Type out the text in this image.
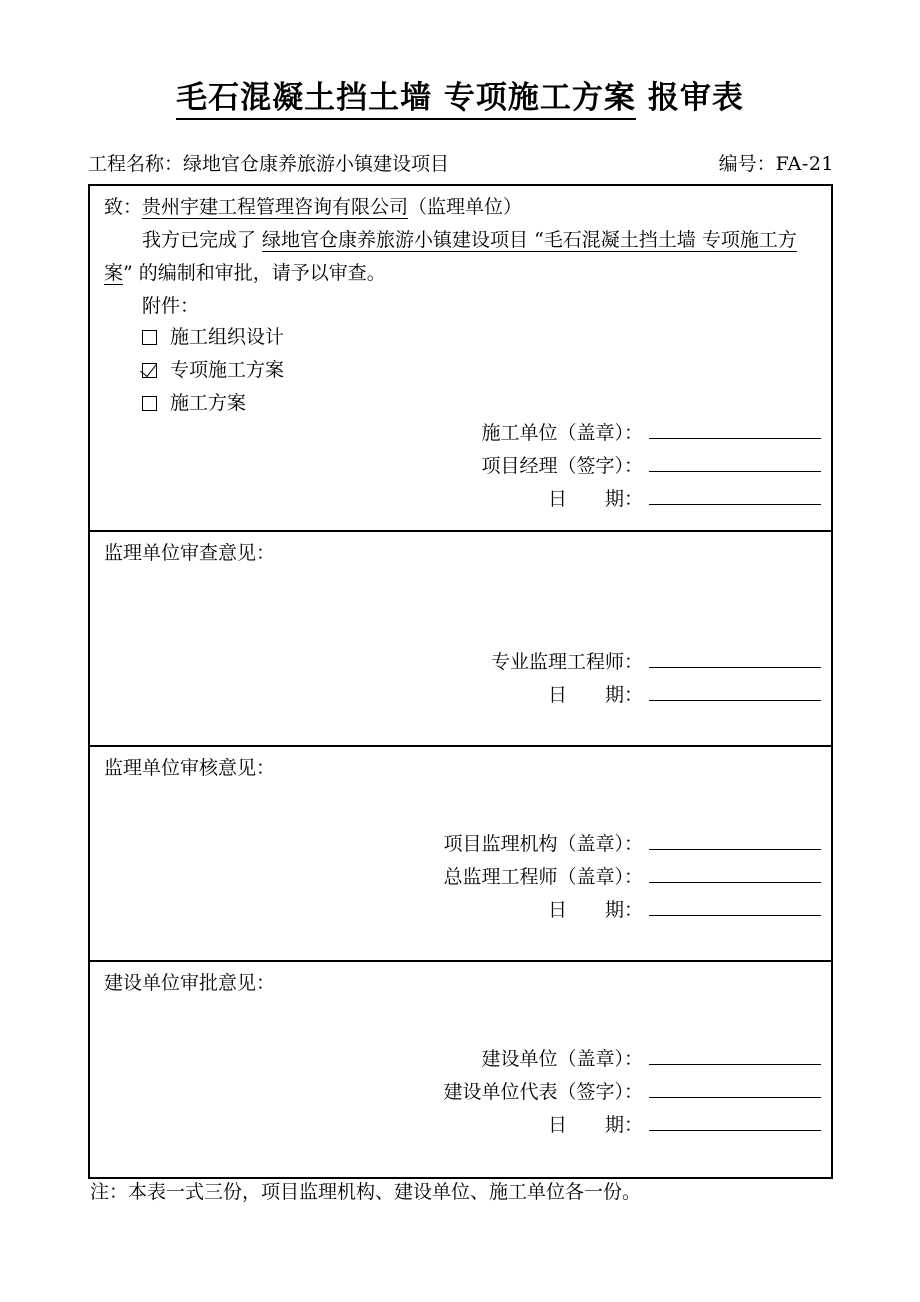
毛石混凝土挡土墙 专项施工方案 报审表
工程名称：绿地官仓康养旅游小镇建设项目	编号：FA-21
致：贵州宇建工程管理咨询有限公司（监理单位）
我方已完成了 绿地官仓康养旅游小镇建设项目 “毛石混凝土挡土墙 专项施工方案” 的编制和审批，请予以审查。
附件：
施工组织设计
专项施工方案
施工方案
施工单位（盖章）：
项目经理（签字）：
日　　期：
监理单位审查意见：
专业监理工程师：
日　　期：
监理单位审核意见：
项目监理机构（盖章）：
总监理工程师（盖章）：
日　　期：
建设单位审批意见：
建设单位（盖章）：
建设单位代表（签字）：
日　　期：
注：本表一式三份，项目监理机构、建设单位、施工单位各一份。
